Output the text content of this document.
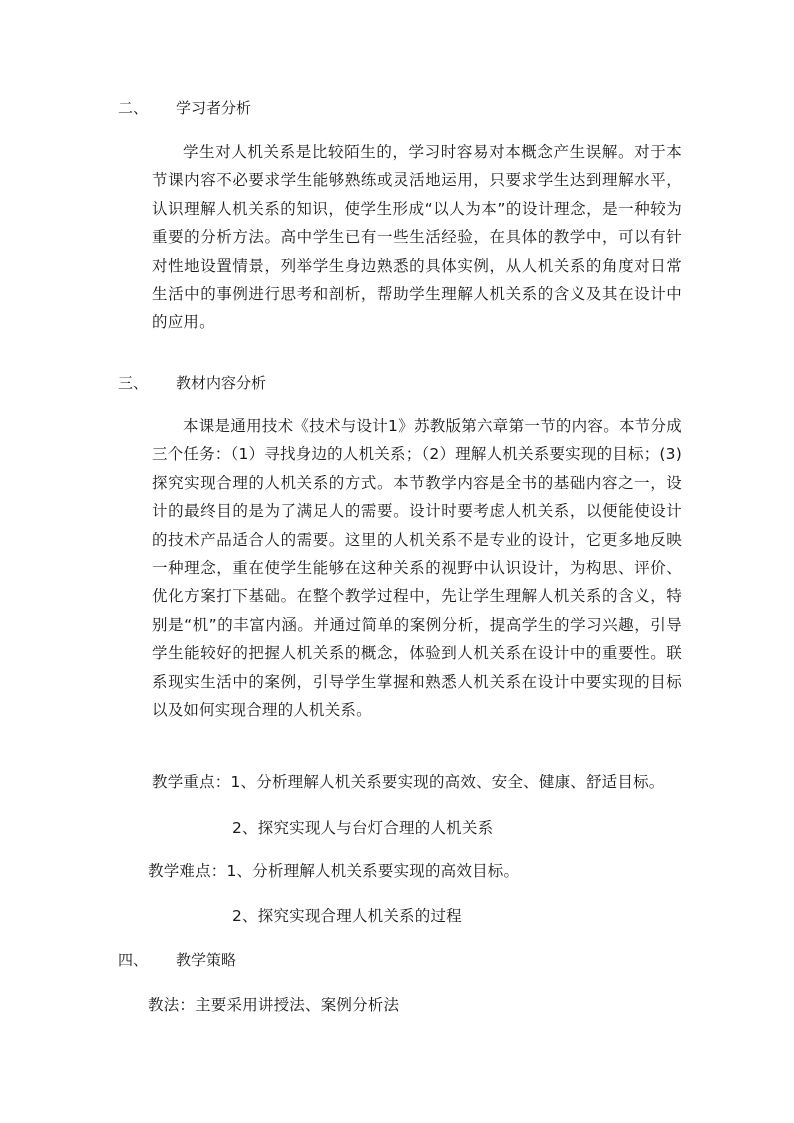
二、 学习者分析

学生对人机关系是比较陌生的，学习时容易对本概念产生误解。对于本节课内容不必要求学生能够熟练或灵活地运用，只要求学生达到理解水平，认识理解人机关系的知识，使学生形成“以人为本”的设计理念，是一种较为重要的分析方法。高中学生已有一些生活经验，在具体的教学中，可以有针对性地设置情景，列举学生身边熟悉的具体实例，从人机关系的角度对日常生活中的事例进行思考和剖析，帮助学生理解人机关系的含义及其在设计中的应用。

三、 教材内容分析

本课是通用技术《技术与设计1》苏教版第六章第一节的内容。本节分成三个任务：（1）寻找身边的人机关系；（2）理解人机关系要实现的目标；(3)探究实现合理的人机关系的方式。本节教学内容是全书的基础内容之一，设计的最终目的是为了满足人的需要。设计时要考虑人机关系，以便能使设计的技术产品适合人的需要。这里的人机关系不是专业的设计，它更多地反映一种理念，重在使学生能够在这种关系的视野中认识设计，为构思、评价、优化方案打下基础。在整个教学过程中，先让学生理解人机关系的含义，特别是“机”的丰富内涵。并通过简单的案例分析，提高学生的学习兴趣，引导学生能较好的把握人机关系的概念，体验到人机关系在设计中的重要性。联系现实生活中的案例，引导学生掌握和熟悉人机关系在设计中要实现的目标以及如何实现合理的人机关系。

教学重点：1、分析理解人机关系要实现的高效、安全、健康、舒适目标。
2、探究实现人与台灯合理的人机关系
教学难点：1、分析理解人机关系要实现的高效目标。
2、探究实现合理人机关系的过程
四、 教学策略
教法：主要采用讲授法、案例分析法
